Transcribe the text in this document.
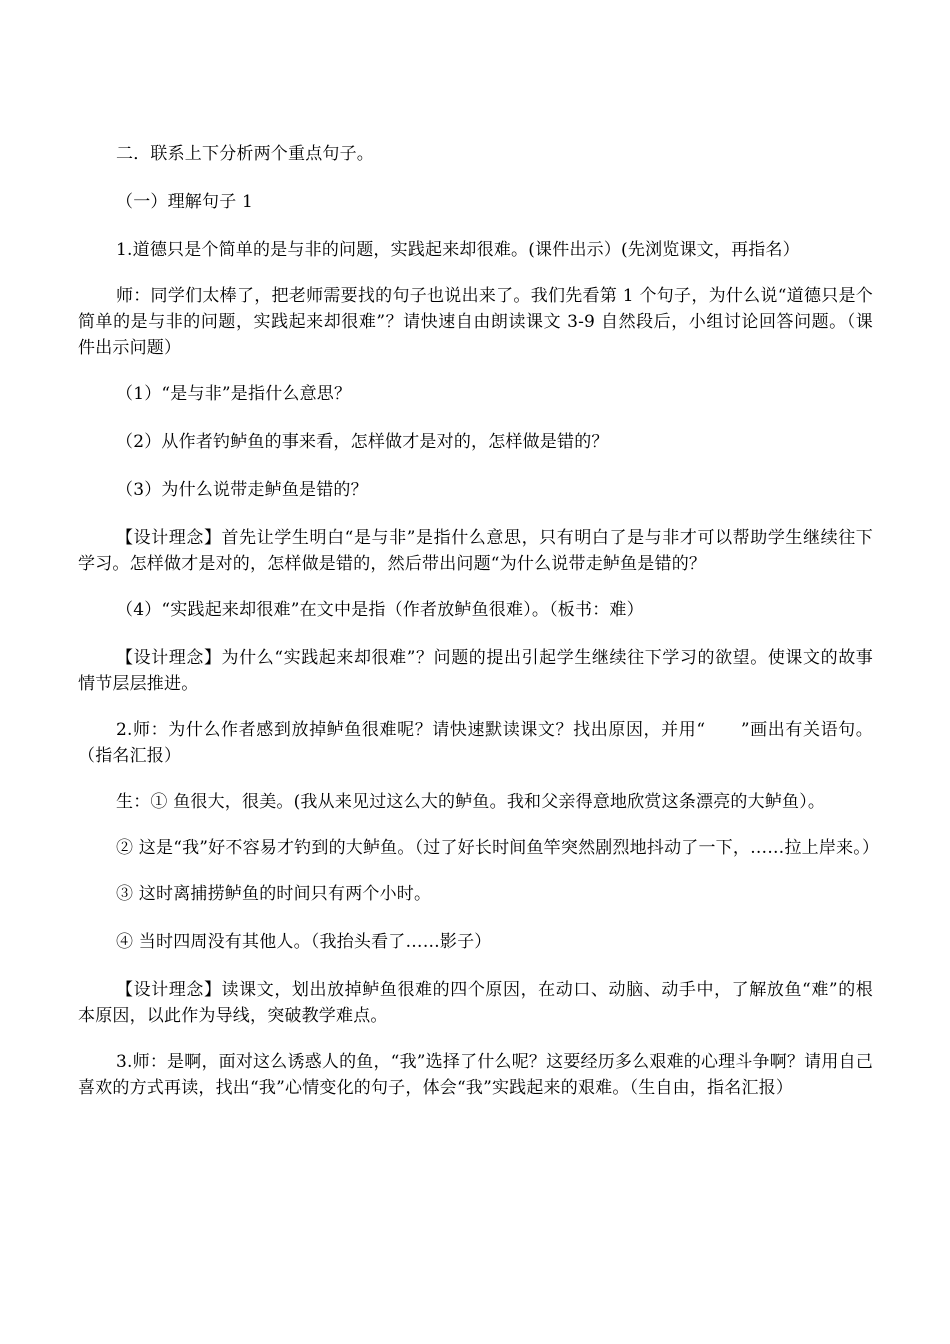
二．联系上下分析两个重点句子。

（一）理解句子 1

1.道德只是个简单的是与非的问题，实践起来却很难。(课件出示）(先浏览课文，再指名）

师：同学们太棒了，把老师需要找的句子也说出来了。我们先看第 1 个句子，为什么说“道德只是个简单的是与非的问题，实践起来却很难”？请快速自由朗读课文 3-9 自然段后，小组讨论回答问题。（课件出示问题）

（1）“是与非”是指什么意思？

（2）从作者钓鲈鱼的事来看，怎样做才是对的，怎样做是错的？

（3）为什么说带走鲈鱼是错的？

【设计理念】首先让学生明白“是与非”是指什么意思，只有明白了是与非才可以帮助学生继续往下学习。怎样做才是对的，怎样做是错的，然后带出问题“为什么说带走鲈鱼是错的？

（4）“实践起来却很难”在文中是指（作者放鲈鱼很难）。（板书：难）

【设计理念】为什么“实践起来却很难”？问题的提出引起学生继续往下学习的欲望。使课文的故事情节层层推进。

2.师：为什么作者感到放掉鲈鱼很难呢？请快速默读课文？找出原因，并用“　　”画出有关语句。（指名汇报）

生：① 鱼很大，很美。(我从来见过这么大的鲈鱼。我和父亲得意地欣赏这条漂亮的大鲈鱼）。

② 这是“我”好不容易才钓到的大鲈鱼。（过了好长时间鱼竿突然剧烈地抖动了一下，……拉上岸来。）

③ 这时离捕捞鲈鱼的时间只有两个小时。

④ 当时四周没有其他人。（我抬头看了……影子）

【设计理念】读课文，划出放掉鲈鱼很难的四个原因，在动口、动脑、动手中，了解放鱼“难”的根本原因，以此作为导线，突破教学难点。

3.师：是啊，面对这么诱惑人的鱼，“我”选择了什么呢？这要经历多么艰难的心理斗争啊？请用自己喜欢的方式再读，找出“我”心情变化的句子，体会“我”实践起来的艰难。（生自由，指名汇报）
